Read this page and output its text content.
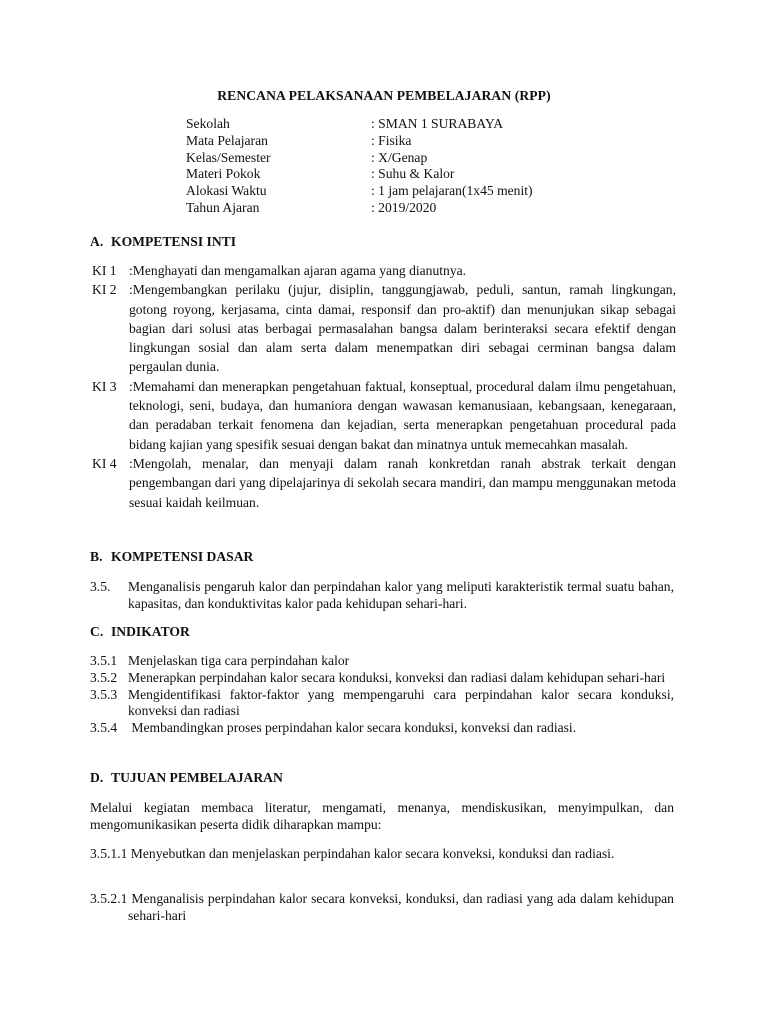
RENCANA PELAKSANAAN PEMBELAJARAN (RPP)
Sekolah	: SMAN 1 SURABAYA
Mata Pelajaran	: Fisika
Kelas/Semester	: X/Genap
Materi Pokok	: Suhu & Kalor
Alokasi Waktu	: 1 jam pelajaran(1x45 menit)
Tahun Ajaran	: 2019/2020
A. KOMPETENSI INTI
KI 1 :Menghayati dan mengamalkan ajaran agama yang dianutnya.
KI 2 :Mengembangkan perilaku (jujur, disiplin, tanggungjawab, peduli, santun, ramah lingkungan, gotong royong, kerjasama, cinta damai, responsif dan pro-aktif) dan menunjukan sikap sebagai bagian dari solusi atas berbagai permasalahan bangsa dalam berinteraksi secara efektif dengan lingkungan sosial dan alam serta dalam menempatkan diri sebagai cerminan bangsa dalam pergaulan dunia.
KI 3 :Memahami dan menerapkan pengetahuan faktual, konseptual, procedural dalam ilmu pengetahuan, teknologi, seni, budaya, dan humaniora dengan wawasan kemanusiaan, kebangsaan, kenegaraan, dan peradaban terkait fenomena dan kejadian, serta menerapkan pengetahuan procedural pada bidang kajian yang spesifik sesuai dengan bakat dan minatnya untuk memecahkan masalah.
KI 4 :Mengolah, menalar, dan menyaji dalam ranah konkretdan ranah abstrak terkait dengan pengembangan dari yang dipelajarinya di sekolah secara mandiri, dan mampu menggunakan metoda sesuai kaidah keilmuan.
B. KOMPETENSI DASAR
3.5. Menganalisis pengaruh kalor dan perpindahan kalor yang meliputi karakteristik termal suatu bahan, kapasitas, dan konduktivitas kalor pada kehidupan sehari-hari.
C. INDIKATOR
3.5.1 Menjelaskan tiga cara perpindahan kalor
3.5.2 Menerapkan perpindahan kalor secara konduksi, konveksi dan radiasi dalam kehidupan sehari-hari
3.5.3 Mengidentifikasi faktor-faktor yang mempengaruhi cara perpindahan kalor secara konduksi, konveksi dan radiasi
3.5.4 Membandingkan proses perpindahan kalor secara konduksi, konveksi dan radiasi.
D. TUJUAN PEMBELAJARAN
Melalui kegiatan membaca literatur, mengamati, menanya, mendiskusikan, menyimpulkan, dan mengomunikasikan peserta didik diharapkan mampu:
3.5.1.1 Menyebutkan dan menjelaskan perpindahan kalor secara konveksi, konduksi dan radiasi.
3.5.2.1 Menganalisis perpindahan kalor secara konveksi, konduksi, dan radiasi yang ada dalam kehidupan sehari-hari
